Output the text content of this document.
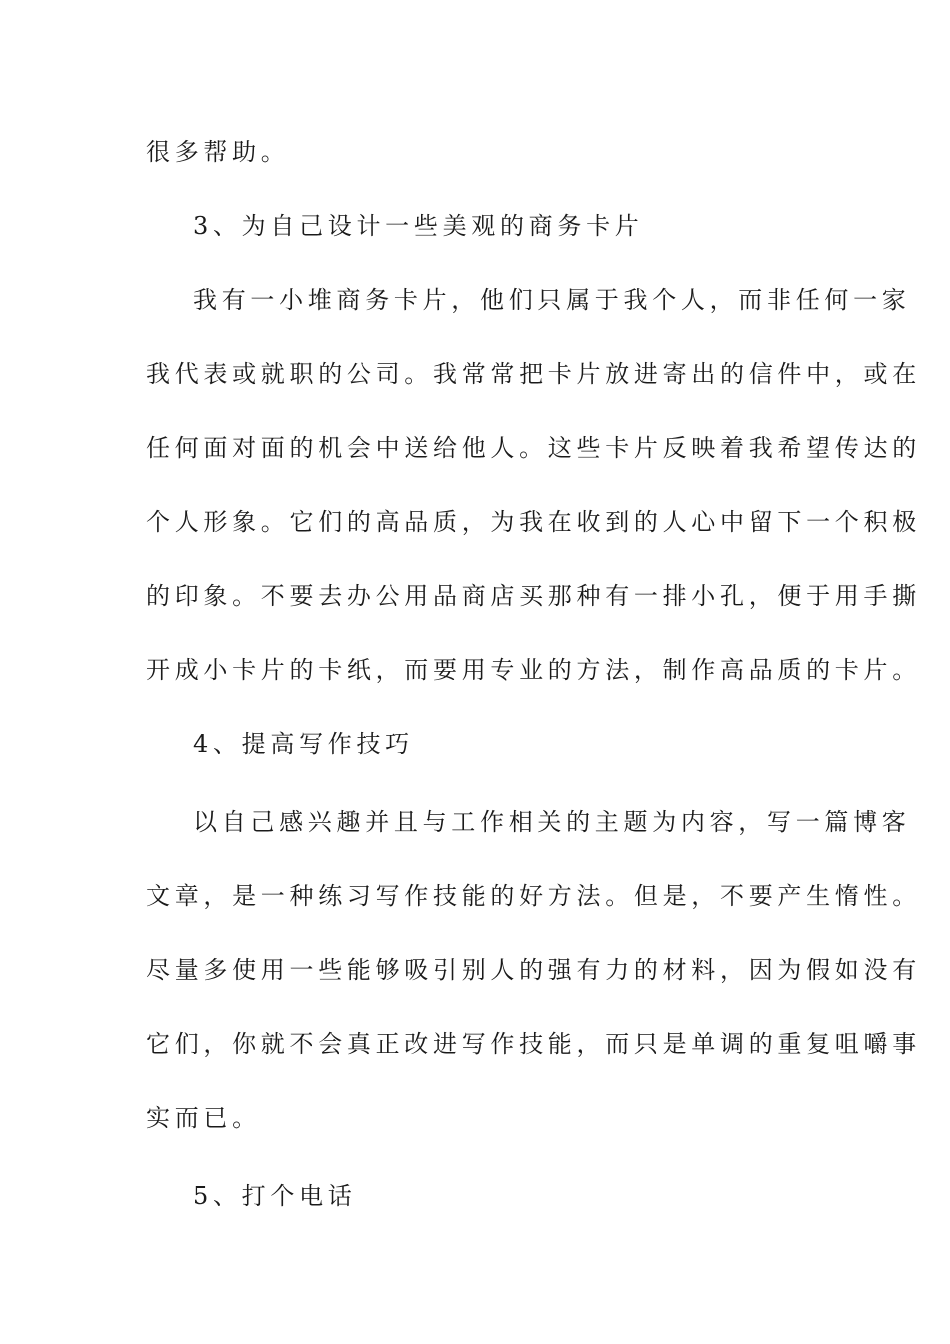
很多帮助。
3、为自己设计一些美观的商务卡片
我有一小堆商务卡片，他们只属于我个人，而非任何一家
我代表或就职的公司。我常常把卡片放进寄出的信件中，或在
任何面对面的机会中送给他人。这些卡片反映着我希望传达的
个人形象。它们的高品质，为我在收到的人心中留下一个积极
的印象。不要去办公用品商店买那种有一排小孔，便于用手撕
开成小卡片的卡纸，而要用专业的方法，制作高品质的卡片。
4、提高写作技巧
以自己感兴趣并且与工作相关的主题为内容，写一篇博客
文章，是一种练习写作技能的好方法。但是，不要产生惰性。
尽量多使用一些能够吸引别人的强有力的材料，因为假如没有
它们，你就不会真正改进写作技能，而只是单调的重复咀嚼事
实而已。
5、打个电话
